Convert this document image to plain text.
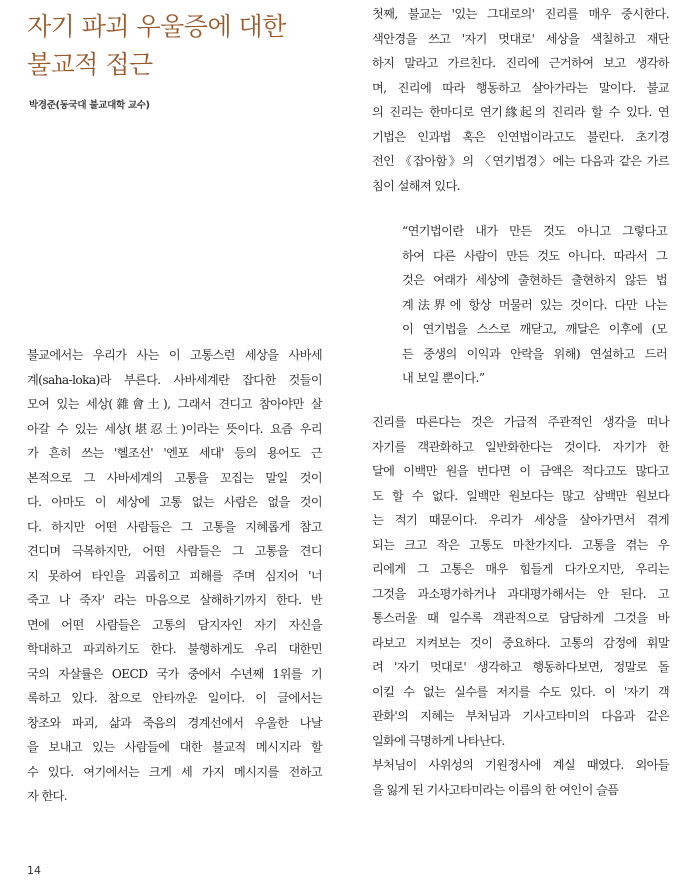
자기 파괴 우울증에 대한
불교적 접근
박경준(동국대 불교대학 교수)
불교에서는 우리가 사는 이 고통스런 세상을 사바세
계(saha-loka)라 부른다. 사바세계란 잡다한 것들이
모여 있는 세상(雜會土), 그래서 견디고 참아야만 살
아갈 수 있는 세상(堪忍土)이라는 뜻이다. 요즘 우리
가 흔히 쓰는 '헬조선' '엔포 세대' 등의 용어도 근
본적으로 그 사바세계의 고통을 꼬집는 말일 것이
다. 아마도 이 세상에 고통 없는 사람은 없을 것이
다. 하지만 어떤 사람들은 그 고통을 지혜롭게 참고
견디며 극복하지만, 어떤 사람들은 그 고통을 견디
지 못하여 타인을 괴롭히고 피해를 주며 심지어 '너
죽고 나 죽자' 라는 마음으로 살해하기까지 한다. 반
면에 어떤 사람들은 고통의 담지자인 자기 자신을
학대하고 파괴하기도 한다. 불행하게도 우리 대한민
국의 자살률은 OECD 국가 중에서 수년째 1위를 기
록하고 있다. 참으로 안타까운 일이다. 이 글에서는
창조와 파괴, 삶과 죽음의 경계선에서 우울한 나날
을 보내고 있는 사람들에 대한 불교적 메시지라 할
수 있다. 여기에서는 크게 세 가지 메시지를 전하고
자 한다.
첫째, 불교는 '있는 그대로의' 진리를 매우 중시한다.
색안경을 쓰고 '자기 멋대로' 세상을 색칠하고 재단
하지 말라고 가르친다. 진리에 근거하여 보고 생각하
며, 진리에 따라 행동하고 살아가라는 말이다. 불교
의 진리는 한마디로 연기緣起의 진리라 할 수 있다. 연
기법은 인과법 혹은 인연법이라고도 불린다. 초기경
전인 《잡아함》의 〈연기법경〉에는 다음과 같은 가르
침이 설해져 있다.
“연기법이란 내가 만든 것도 아니고 그렇다고
하여 다른 사람이 만든 것도 아니다. 따라서 그
것은 여래가 세상에 출현하든 출현하지 않든 법
계法界에 항상 머물러 있는 것이다. 다만 나는
이 연기법을 스스로 깨닫고, 깨달은 이후에 (모
든 중생의 이익과 안락을 위해) 연설하고 드러
내 보일 뿐이다.”
진리를 따른다는 것은 가급적 주관적인 생각을 떠나
자기를 객관화하고 일반화한다는 것이다. 자기가 한
달에 이백만 원을 번다면 이 금액은 적다고도 많다고
도 할 수 없다. 일백만 원보다는 많고 삼백만 원보다
는 적기 때문이다. 우리가 세상을 살아가면서 겪게
되는 크고 작은 고통도 마찬가지다. 고통을 겪는 우
리에게 그 고통은 매우 힘들게 다가오지만, 우리는
그것을 과소평가하거나 과대평가해서는 안 된다. 고
통스러울 때 일수록 객관적으로 담담하게 그것을 바
라보고 지켜보는 것이 중요하다. 고통의 감정에 휘말
려 '자기 멋대로' 생각하고 행동하다보면, 정말로 돌
이킬 수 없는 실수를 저지를 수도 있다. 이 '자기 객
관화'의 지혜는 부처님과 기사고타미의 다음과 같은
일화에 극명하게 나타난다.
부처님이 사위성의 기원정사에 계실 때였다. 외아들
을 잃게 된 기사고타미라는 이름의 한 여인이 슬픔
14
